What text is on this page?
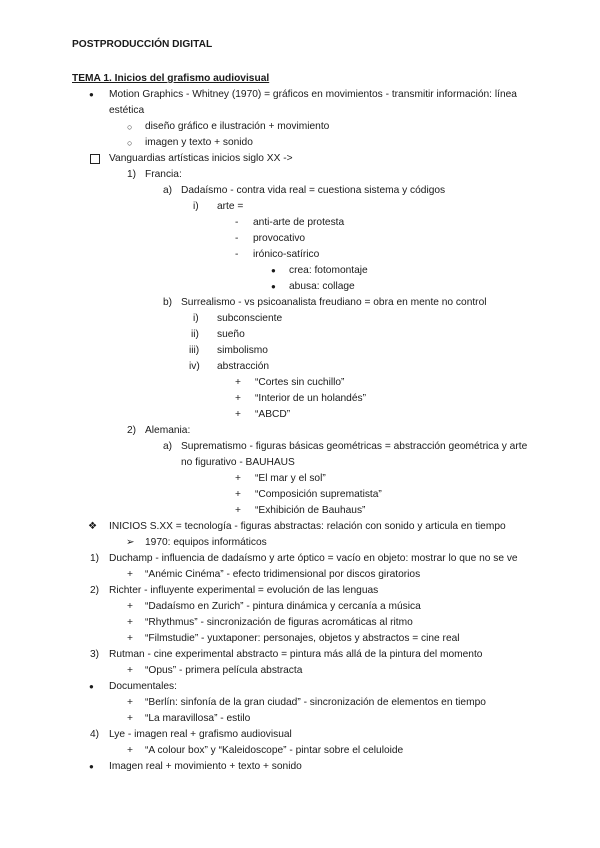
POSTPRODUCCIÓN DIGITAL
TEMA 1. Inicios del grafismo audiovisual
● Motion Graphics - Whitney (1970) = gráficos en movimientos - transmitir información: línea
estética
○ diseño gráfico e ilustración + movimiento
○ imagen y texto + sonido
Vanguardias artísticas inicios siglo XX ->
1) Francia:
a) Dadaísmo - contra vida real = cuestiona sistema y códigos
i) arte =
- anti-arte de protesta
- provocativo
- irónico-satírico
● crea: fotomontaje
● abusa: collage
b) Surrealismo - vs psicoanalista freudiano = obra en mente no control
i) subconsciente
ii) sueño
iii) simbolismo
iv) abstracción
+ “Cortes sin cuchillo”
+ “Interior de un holandés”
+ “ABCD”
2) Alemania:
a) Suprematismo - figuras básicas geométricas = abstracción geométrica y arte
no figurativo - BAUHAUS
+ “El mar y el sol”
+ “Composición suprematista”
+ “Exhibición de Bauhaus”
❖ INICIOS S.XX = tecnología - figuras abstractas: relación con sonido y articula en tiempo
➢ 1970: equipos informáticos
1) Duchamp - influencia de dadaísmo y arte óptico = vacío en objeto: mostrar lo que no se ve
+ “Anémic Cinéma” - efecto tridimensional por discos giratorios
2) Richter - influyente experimental = evolución de las lenguas
+ “Dadaísmo en Zurich” - pintura dinámica y cercanía a música
+ “Rhythmus” - sincronización de figuras acromáticas al ritmo
+ “Filmstudie” - yuxtaponer: personajes, objetos y abstractos = cine real
3) Rutman - cine experimental abstracto = pintura más allá de la pintura del momento
+ “Opus” - primera película abstracta
● Documentales:
+ “Berlín: sinfonía de la gran ciudad” - sincronización de elementos en tiempo
+ “La maravillosa” - estilo
4) Lye - imagen real + grafismo audiovisual
+ “A colour box” y “Kaleidoscope” - pintar sobre el celuloide
● Imagen real + movimiento + texto + sonido
